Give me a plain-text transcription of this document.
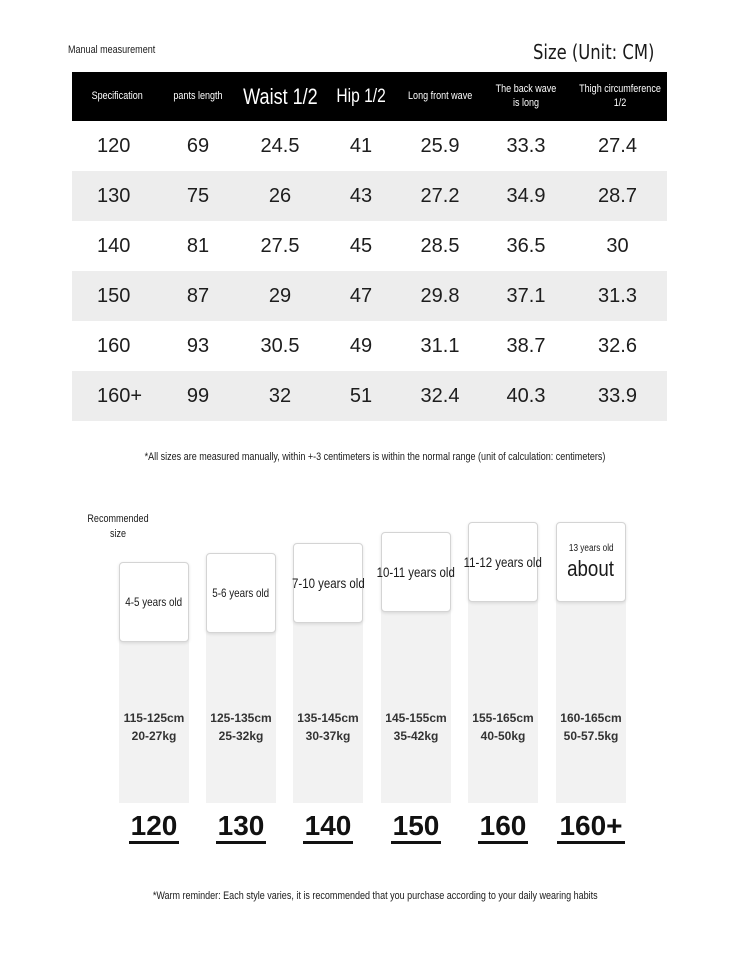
Manual measurement	Size (Unit: CM)
Specification	pants length	Waist 1/2	Hip 1/2	Long front wave	The back wave is long	Thigh circumference 1/2
120	69	24.5	41	25.9	33.3	27.4
130	75	26	43	27.2	34.9	28.7
140	81	27.5	45	28.5	36.5	30
150	87	29	47	29.8	37.1	31.3
160	93	30.5	49	31.1	38.7	32.6
160+	99	32	51	32.4	40.3	33.9
*All sizes are measured manually, within +-3 centimeters is within the normal range (unit of calculation: centimeters)
Recommended size
4-5 years old
115-125cm
20-27kg
120
5-6 years old
125-135cm
25-32kg
130
7-10 years old
135-145cm
30-37kg
140
10-11 years old
145-155cm
35-42kg
150
11-12 years old
155-165cm
40-50kg
160
13 years old
about
160-165cm
50-57.5kg
160+
*Warm reminder: Each style varies, it is recommended that you purchase according to your daily wearing habits
